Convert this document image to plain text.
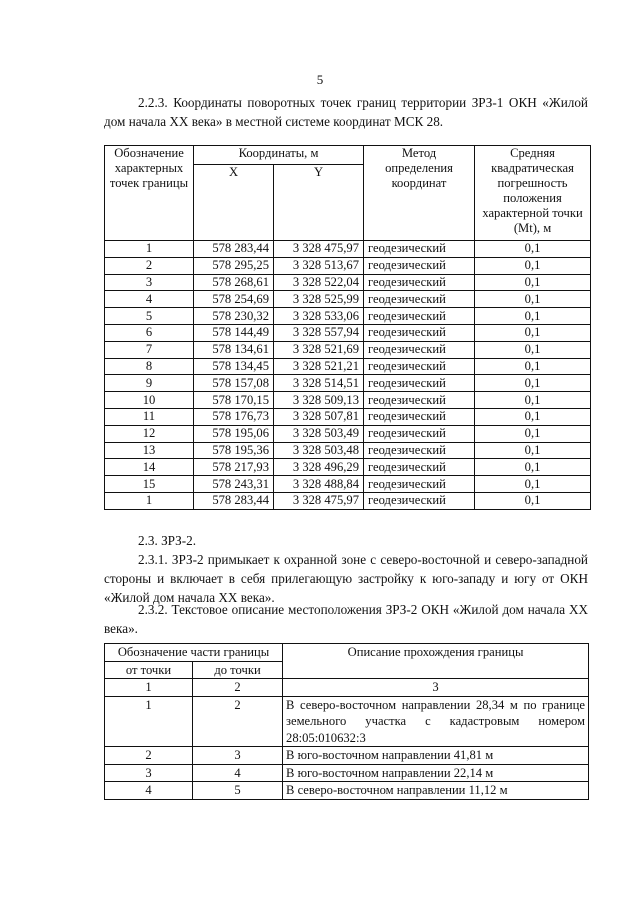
5
2.2.3. Координаты поворотных точек границ территории ЗРЗ-1 ОКН «Жилой дом начала XX века» в местной системе координат МСК 28.
Обозначение характерных точек границы	Координаты, м		Метод определения координат	Средняя квадратическая погрешность положения характерной точки (Mt), м
	X	Y		
1	578 283,44	3 328 475,97	геодезический	0,1
2	578 295,25	3 328 513,67	геодезический	0,1
3	578 268,61	3 328 522,04	геодезический	0,1
4	578 254,69	3 328 525,99	геодезический	0,1
5	578 230,32	3 328 533,06	геодезический	0,1
6	578 144,49	3 328 557,94	геодезический	0,1
7	578 134,61	3 328 521,69	геодезический	0,1
8	578 134,45	3 328 521,21	геодезический	0,1
9	578 157,08	3 328 514,51	геодезический	0,1
10	578 170,15	3 328 509,13	геодезический	0,1
11	578 176,73	3 328 507,81	геодезический	0,1
12	578 195,06	3 328 503,49	геодезический	0,1
13	578 195,36	3 328 503,48	геодезический	0,1
14	578 217,93	3 328 496,29	геодезический	0,1
15	578 243,31	3 328 488,84	геодезический	0,1
1	578 283,44	3 328 475,97	геодезический	0,1
2.3. ЗРЗ-2.
2.3.1. ЗРЗ-2 примыкает к охранной зоне с северо-восточной и северо-западной стороны и включает в себя прилегающую застройку к юго-западу и югу от ОКН «Жилой дом начала XX века».
2.3.2. Текстовое описание местоположения ЗРЗ-2 ОКН «Жилой дом начала XX века».
Обозначение части границы		Описание прохождения границы
от точки	до точки	
1	2	3
1	2	В северо-восточном направлении 28,34 м по границе земельного участка с кадастровым номером 28:05:010632:3
2	3	В юго-восточном направлении 41,81 м
3	4	В юго-восточном направлении 22,14 м
4	5	В северо-восточном направлении 11,12 м
